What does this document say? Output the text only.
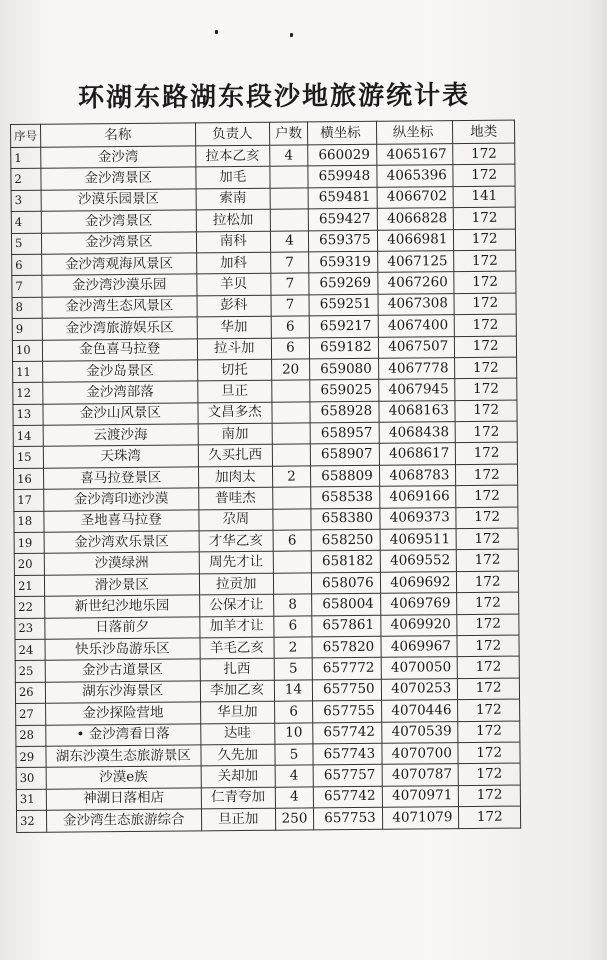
环湖东路湖东段沙地旅游统计表
序号	名称	负责人	户数	横坐标	纵坐标	地类
1	金沙湾	拉本乙亥	4	660029	4065167	172
2	金沙湾景区	加毛		659948	4065396	172
3	沙漠乐园景区	索南		659481	4066702	141
4	金沙湾景区	拉松加		659427	4066828	172
5	金沙湾景区	南科	4	659375	4066981	172
6	金沙湾观海风景区	加科	7	659319	4067125	172
7	金沙湾沙漠乐园	羊贝	7	659269	4067260	172
8	金沙湾生态风景区	彭科	7	659251	4067308	172
9	金沙湾旅游娱乐区	华加	6	659217	4067400	172
10	金色喜马拉登	拉斗加	6	659182	4067507	172
11	金沙岛景区	切托	20	659080	4067778	172
12	金沙湾部落	旦正		659025	4067945	172
13	金沙山风景区	文昌多杰		658928	4068163	172
14	云渡沙海	南加		658957	4068438	172
15	天珠湾	久买扎西		658907	4068617	172
16	喜马拉登景区	加肉太	2	658809	4068783	172
17	金沙湾印迹沙漠	普哇杰		658538	4069166	172
18	圣地喜马拉登	尕周		658380	4069373	172
19	金沙湾欢乐景区	才华乙亥	6	658250	4069511	172
20	沙漠绿洲	周先才让		658182	4069552	172
21	滑沙景区	拉贡加		658076	4069692	172
22	新世纪沙地乐园	公保才让	8	658004	4069769	172
23	日落前夕	加羊才让	6	657861	4069920	172
24	快乐沙岛游乐区	羊毛乙亥	2	657820	4069967	172
25	金沙古道景区	扎西	5	657772	4070050	172
26	湖东沙海景区	李加乙亥	14	657750	4070253	172
27	金沙探险营地	华旦加	6	657755	4070446	172
28	• 金沙湾看日落	达哇	10	657742	4070539	172
29	湖东沙漠生态旅游景区	久先加	5	657743	4070700	172
30	沙漠e族	关却加	4	657757	4070787	172
31	神湖日落相店	仁青夸加	4	657742	4070971	172
32	金沙湾生态旅游综合	旦正加	250	657753	4071079	172
